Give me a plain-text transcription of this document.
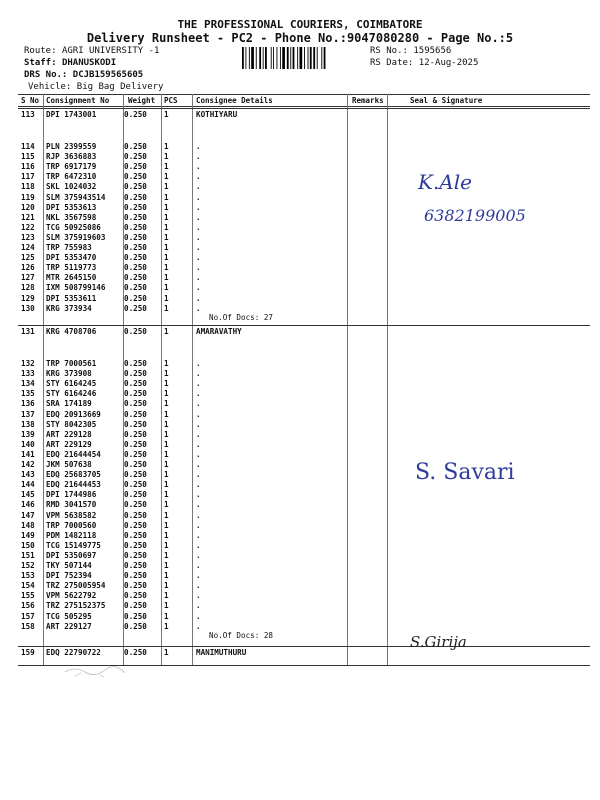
THE PROFESSIONAL COURIERS, COIMBATORE
Delivery Runsheet - PC2 - Phone No.:9047080280 - Page No.:5
Route: AGRI UNIVERSITY -1
Staff: DHANUSKODI
DRS No.: DCJB159565605
Vehicle: Big Bag Delivery
RS No.: 1595656
RS Date: 12-Aug-2025
S No Consignment No	Weight PCS Consignee Details	Remarks	Seal & Signature
113 DPI 1743001	0.250 1	KOTHIYARU
114 PLN 2399559	0.250 1	.
115 RJP 3636883	0.250 1	.
116 TRP 6917179	0.250 1	.
117 TRP 6472310	0.250 1	.
118 SKL 1024032	0.250 1	.
119 SLM 375943514 0.250 1	.
120 DPI 5353613	0.250 1	.
121 NKL 3567598	0.250 1	.
122 TCG 50925086	0.250 1	.
123 SLM 375919603 0.250 1	.
124 TRP 755983	0.250 1	.
125 DPI 5353470	0.250 1	.
126 TRP 5119773	0.250 1	.
127 MTR 2645150	0.250 1	.
128 IXM 508799146 0.250 1	.
129 DPI 5353611	0.250 1	.
130 KRG 373934	0.250 1	.
No.Of Docs: 27
131 KRG 4708706	0.250 1	AMARAVATHY
132 TRP 7000561	0.250 1	.
133 KRG 373908	0.250 1	.
134 STY 6164245	0.250 1	.
135 STY 6164246	0.250 1	.
136 SRA 174189	0.250 1	.
137 EDQ 20913669	0.250 1	.
138 STY 8042305	0.250 1	.
139 ART 229128	0.250 1	.
140 ART 229129	0.250 1	.
141 EDQ 21644454	0.250 1	.
142 JKM 507638	0.250 1	.
143 EDQ 25683705	0.250 1	.
144 EDQ 21644453	0.250 1	.
145 DPI 1744986	0.250 1	.
146 RMD 3041570	0.250 1	.
147 VPM 5638582	0.250 1	.
148 TRP 7000560	0.250 1	.
149 PDM 1482118	0.250 1	.
150 TCG 15149775	0.250 1	.
151 DPI 5350697	0.250 1	.
152 TKY 507144	0.250 1	.
153 DPI 752394	0.250 1	.
154 TRZ 275005954 0.250 1	.
155 VPM 5622792	0.250 1	.
156 TRZ 275152375 0.250 1	.
157 TCG 505295	0.250 1	.
158 ART 229127	0.250 1	.
No.Of Docs: 28
159 EDQ 22790722	0.250 1	MANIMUTHURU
K.Ale
6382199005
S. Savari
S.Girija
